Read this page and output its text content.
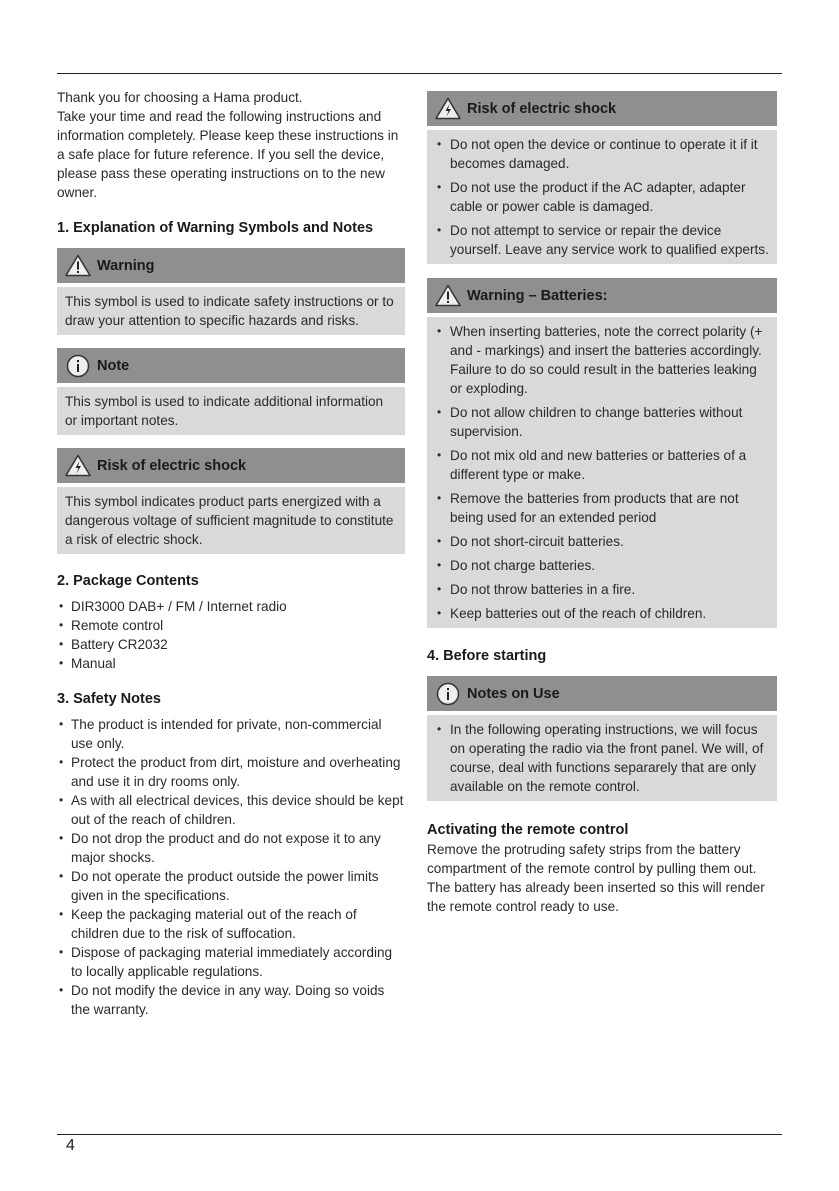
Thank you for choosing a Hama product.

Take your time and read the following instructions and information completely. Please keep these instructions in a safe place for future reference. If you sell the device, please pass these operating instructions on to the new owner.

1. Explanation of Warning Symbols and Notes
Warning
This symbol is used to indicate safety instructions or to draw your attention to specific hazards and risks.
Note
This symbol is used to indicate additional information or important notes.
Risk of electric shock
This symbol indicates product parts energized with a dangerous voltage of sufficient magnitude to constitute a risk of electric shock.
2. Package Contents
• DIR3000 DAB+ / FM / Internet radio
• Remote control
• Battery CR2032
• Manual
3. Safety Notes
• The product is intended for private, non-commercial use only.
• Protect the product from dirt, moisture and overheating and use it in dry rooms only.
• As with all electrical devices, this device should be kept out of the reach of children.
• Do not drop the product and do not expose it to any major shocks.
• Do not operate the product outside the power limits given in the specifications.
• Keep the packaging material out of the reach of children due to the risk of suffocation.
• Dispose of packaging material immediately according to locally applicable regulations.
• Do not modify the device in any way. Doing so voids the warranty.
Risk of electric shock
• Do not open the device or continue to operate it if it becomes damaged.
• Do not use the product if the AC adapter, adapter cable or power cable is damaged.
• Do not attempt to service or repair the device yourself. Leave any service work to qualified experts.
Warning – Batteries:
• When inserting batteries, note the correct polarity (+ and - markings) and insert the batteries accordingly. Failure to do so could result in the batteries leaking or exploding.
• Do not allow children to change batteries without supervision.
• Do not mix old and new batteries or batteries of a different type or make.
• Remove the batteries from products that are not being used for an extended period
• Do not short-circuit batteries.
• Do not charge batteries.
• Do not throw batteries in a fire.
• Keep batteries out of the reach of children.
4. Before starting
Notes on Use
• In the following operating instructions, we will focus on operating the radio via the front panel. We will, of course, deal with functions separarely that are only available on the remote control.
Activating the remote control

Remove the protruding safety strips from the battery compartment of the remote control by pulling them out. The battery has already been inserted so this will render the remote control ready to use.

4
